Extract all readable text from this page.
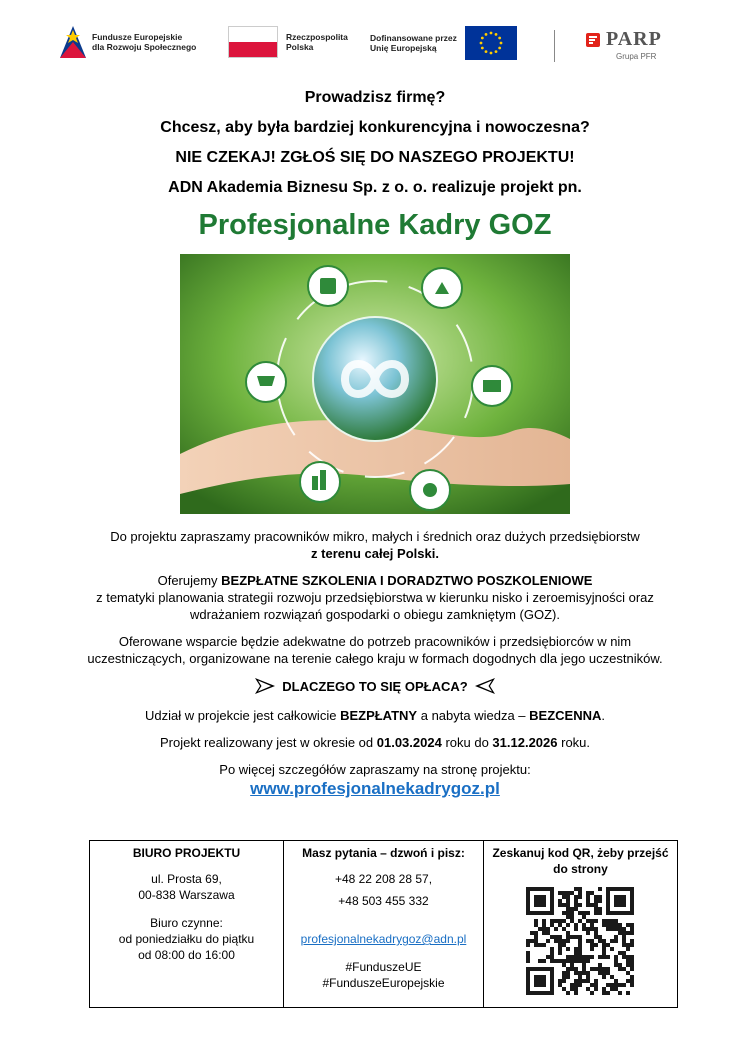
Fundusze Europejskie
dla Rozwoju Społecznego
Rzeczpospolita
Polska
Dofinansowane przez
Unię Europejską	PARP
Grupa PFR
Prowadzisz firmę?
Chcesz, aby była bardziej konkurencyjna i nowoczesna?
NIE CZEKAJ! ZGŁOŚ SIĘ DO NASZEGO PROJEKTU!
ADN Akademia Biznesu Sp. z o. o. realizuje projekt pn.
Profesjonalne Kadry GOZ

Do projektu zapraszamy pracowników mikro, małych i średnich oraz dużych przedsiębiorstw
z terenu całej Polski.

Oferujemy BEZPŁATNE SZKOLENIA I DORADZTWO POSZKOLENIOWE
z tematyki planowania strategii rozwoju przedsiębiorstwa w kierunku nisko i zeroemisyjności oraz wdrażaniem rozwiązań gospodarki o obiegu zamkniętym (GOZ).

Oferowane wsparcie będzie adekwatne do potrzeb pracowników i przedsiębiorców w nim uczestniczących, organizowane na terenie całego kraju w formach dogodnych dla jego uczestników.

DLACZEGO TO SIĘ OPŁACA?

Udział w projekcie jest całkowicie BEZPŁATNY a nabyta wiedza – BEZCENNA.

Projekt realizowany jest w okresie od 01.03.2024 roku do 31.12.2026 roku.

Po więcej szczegółów zapraszamy na stronę projektu:

www.profesjonalnekadrygoz.pl
BIURO PROJEKTU
ul. Prosta 69,
00-838 Warszawa
Biuro czynne:
od poniedziałku do piątku
od 08:00 do 16:00

Masz pytania – dzwoń i pisz:
+48 22 208 28 57,
+48 503 455 332
profesjonalnekadrygoz@adn.pl
#FunduszeUE
#FunduszeEuropejskie

Zeskanuj kod QR, żeby przejść do strony
